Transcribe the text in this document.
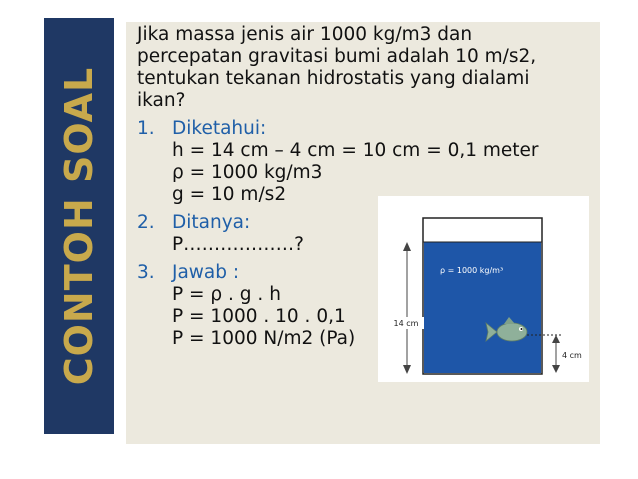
CONTOH SOAL

Jika massa jenis air 1000 kg/m3 dan

percepatan gravitasi bumi adalah 10 m/s2,

tentukan tekanan hidrostatis yang dialami

ikan?

1. Diketahui:
h = 14 cm – 4 cm = 10 cm = 0,1 meter
ρ = 1000 kg/m3
g = 10 m/s2
2. Ditanya:
P………………?
3. Jawab :
P = ρ . g . h
P = 1000 . 10 . 0,1
P = 1000 N/m2 (Pa)
ρ = 1000 kg/m³
14 cm
4 cm
